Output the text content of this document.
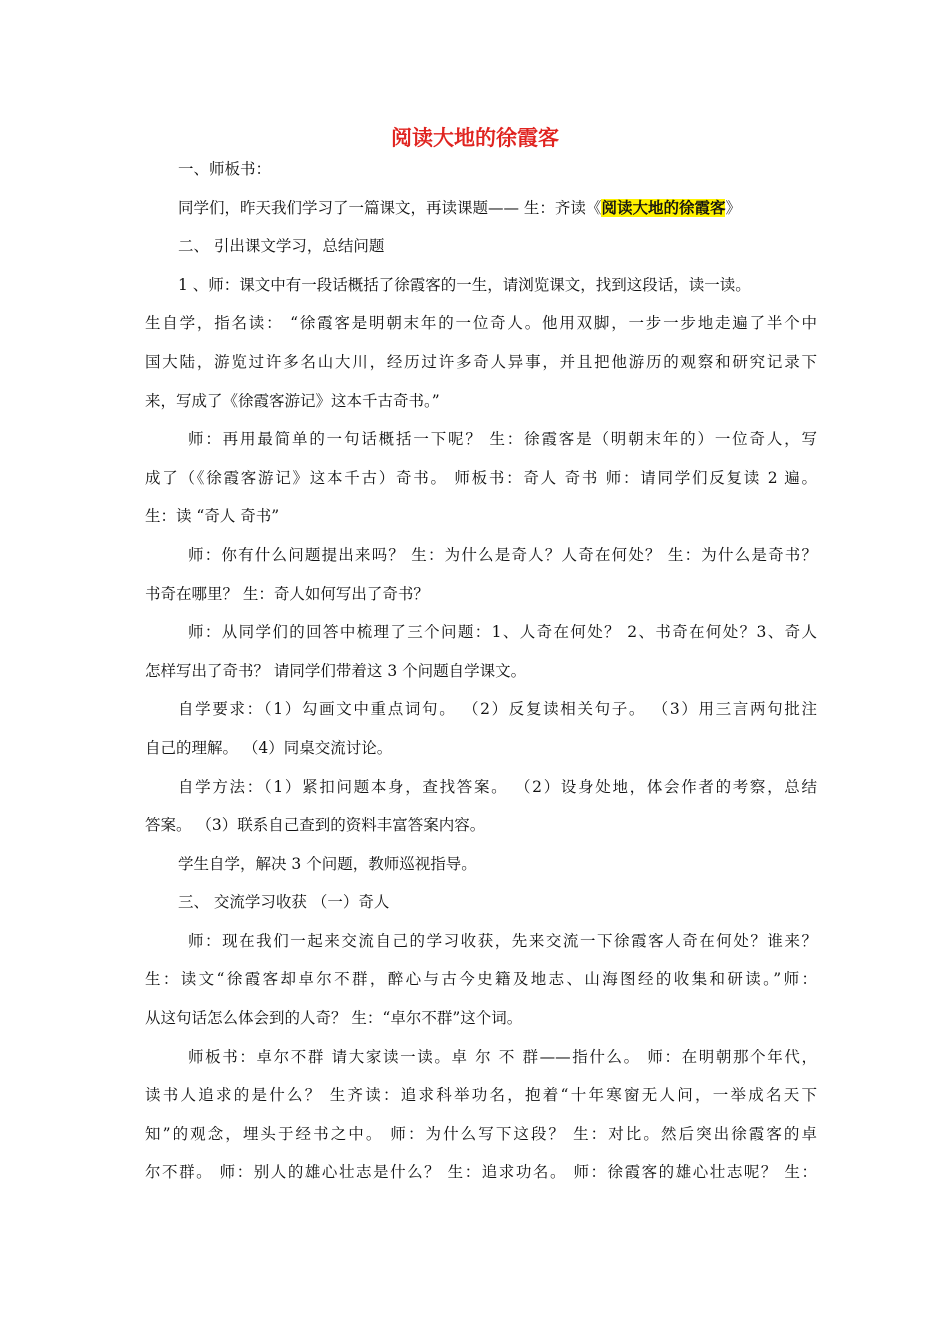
阅读大地的徐霞客
一、师板书：
同学们，昨天我们学习了一篇课文，再读课题—— 生：齐读《阅读大地的徐霞客》
二、 引出课文学习，总结问题
1 、师：课文中有一段话概括了徐霞客的一生，请浏览课文，找到这段话，读一读。
生自学，指名读： “徐霞客是明朝末年的一位奇人。他用双脚，一步一步地走遍了半个中
国大陆，游览过许多名山大川，经历过许多奇人异事，并且把他游历的观察和研究记录下
来，写成了《徐霞客游记》这本千古奇书。”
师：再用最简单的一句话概括一下呢？ 生：徐霞客是（明朝末年的）一位奇人，写
成了（《徐霞客游记》这本千古）奇书。 师板书：奇人 奇书 师：请同学们反复读 2 遍。
生：读 “奇人 奇书”
师：你有什么问题提出来吗？ 生：为什么是奇人？人奇在何处？ 生：为什么是奇书？
书奇在哪里？ 生：奇人如何写出了奇书？
师：从同学们的回答中梳理了三个问题：1、人奇在何处？ 2、书奇在何处？3、奇人
怎样写出了奇书？ 请同学们带着这 3 个问题自学课文。
自学要求：（1）勾画文中重点词句。 （2）反复读相关句子。 （3）用三言两句批注
自己的理解。 （4）同桌交流讨论。
自学方法：（1）紧扣问题本身，查找答案。 （2）设身处地，体会作者的考察，总结
答案。 （3）联系自己查到的资料丰富答案内容。
学生自学，解决 3 个问题，教师巡视指导。
三、 交流学习收获 （一）奇人
师：现在我们一起来交流自己的学习收获，先来交流一下徐霞客人奇在何处？谁来？
生：读文“徐霞客却卓尔不群，醉心与古今史籍及地志、山海图经的收集和研读。”师：
从这句话怎么体会到的人奇？ 生：“卓尔不群”这个词。
师板书：卓尔不群 请大家读一读。卓 尔 不 群——指什么。 师：在明朝那个年代，
读书人追求的是什么？ 生齐读：追求科举功名，抱着“十年寒窗无人问，一举成名天下
知”的观念，埋头于经书之中。 师：为什么写下这段？ 生：对比。然后突出徐霞客的卓
尔不群。 师：别人的雄心壮志是什么？ 生：追求功名。 师：徐霞客的雄心壮志呢？ 生：
